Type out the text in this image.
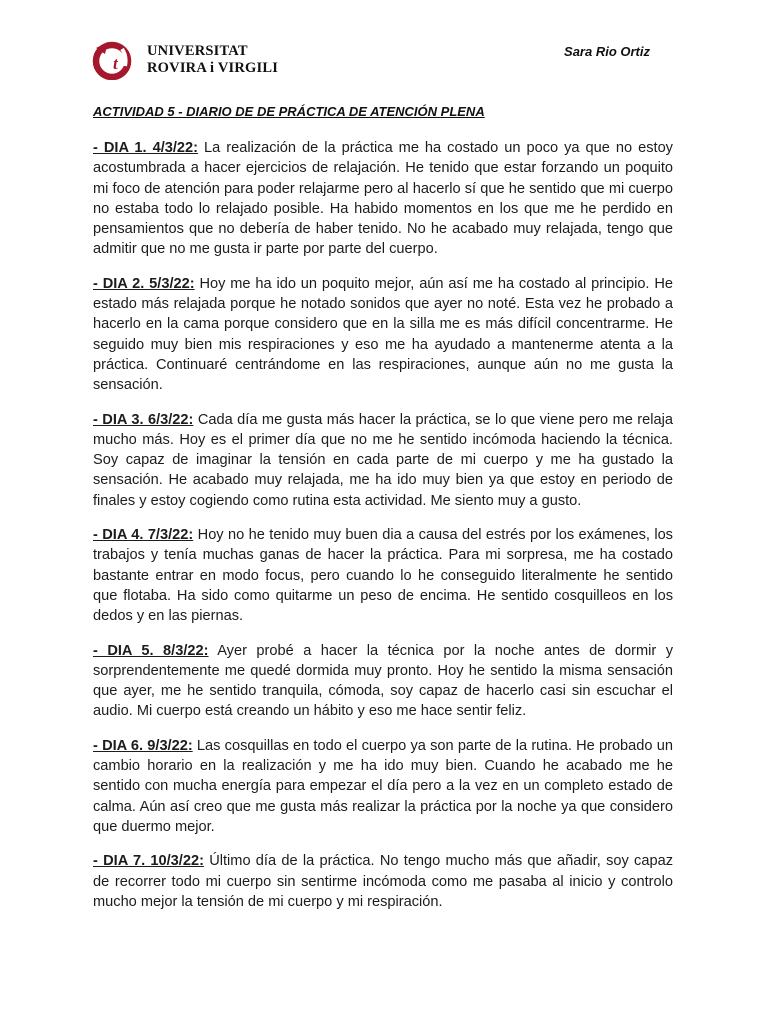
i t
UNIVERSITAT
ROVIRA i VIRGILI
Sara Rio Ortiz
ACTIVIDAD 5 - DIARIO DE DE PRÁCTICA DE ATENCIÓN PLENA

- DIA 1. 4/3/22: La realización de la práctica me ha costado un poco ya que no estoy acostumbrada a hacer ejercicios de relajación. He tenido que estar forzando un poquito mi foco de atención para poder relajarme pero al hacerlo sí que he sentido que mi cuerpo no estaba todo lo relajado posible. Ha habido momentos en los que me he perdido en pensamientos que no debería de haber tenido. No he acabado muy relajada, tengo que admitir que no me gusta ir parte por parte del cuerpo.

- DIA 2. 5/3/22: Hoy me ha ido un poquito mejor, aún así me ha costado al principio. He estado más relajada porque he notado sonidos que ayer no noté. Esta vez he probado a hacerlo en la cama porque considero que en la silla me es más difícil concentrarme. He seguido muy bien mis respiraciones y eso me ha ayudado a mantenerme atenta a la práctica. Continuaré centrándome en las respiraciones, aunque aún no me gusta la sensación.

- DIA 3. 6/3/22: Cada día me gusta más hacer la práctica, se lo que viene pero me relaja mucho más. Hoy es el primer día que no me he sentido incómoda haciendo la técnica. Soy capaz de imaginar la tensión en cada parte de mi cuerpo y me ha gustado la sensación. He acabado muy relajada, me ha ido muy bien ya que estoy en periodo de finales y estoy cogiendo como rutina esta actividad. Me siento muy a gusto.

- DIA 4. 7/3/22: Hoy no he tenido muy buen dia a causa del estrés por los exámenes, los trabajos y tenía muchas ganas de hacer la práctica. Para mi sorpresa, me ha costado bastante entrar en modo focus, pero cuando lo he conseguido literalmente he sentido que flotaba. Ha sido como quitarme un peso de encima. He sentido cosquilleos en los dedos y en las piernas.

- DIA 5. 8/3/22: Ayer probé a hacer la técnica por la noche antes de dormir y sorprendentemente me quedé dormida muy pronto. Hoy he sentido la misma sensación que ayer, me he sentido tranquila, cómoda, soy capaz de hacerlo casi sin escuchar el audio. Mi cuerpo está creando un hábito y eso me hace sentir feliz.

- DIA 6. 9/3/22: Las cosquillas en todo el cuerpo ya son parte de la rutina. He probado un cambio horario en la realización y me ha ido muy bien. Cuando he acabado me he sentido con mucha energía para empezar el día pero a la vez en un completo estado de calma. Aún así creo que me gusta más realizar la práctica por la noche ya que considero que duermo mejor.

- DIA 7. 10/3/22: Último día de la práctica. No tengo mucho más que añadir, soy capaz de recorrer todo mi cuerpo sin sentirme incómoda como me pasaba al inicio y controlo mucho mejor la tensión de mi cuerpo y mi respiración.
